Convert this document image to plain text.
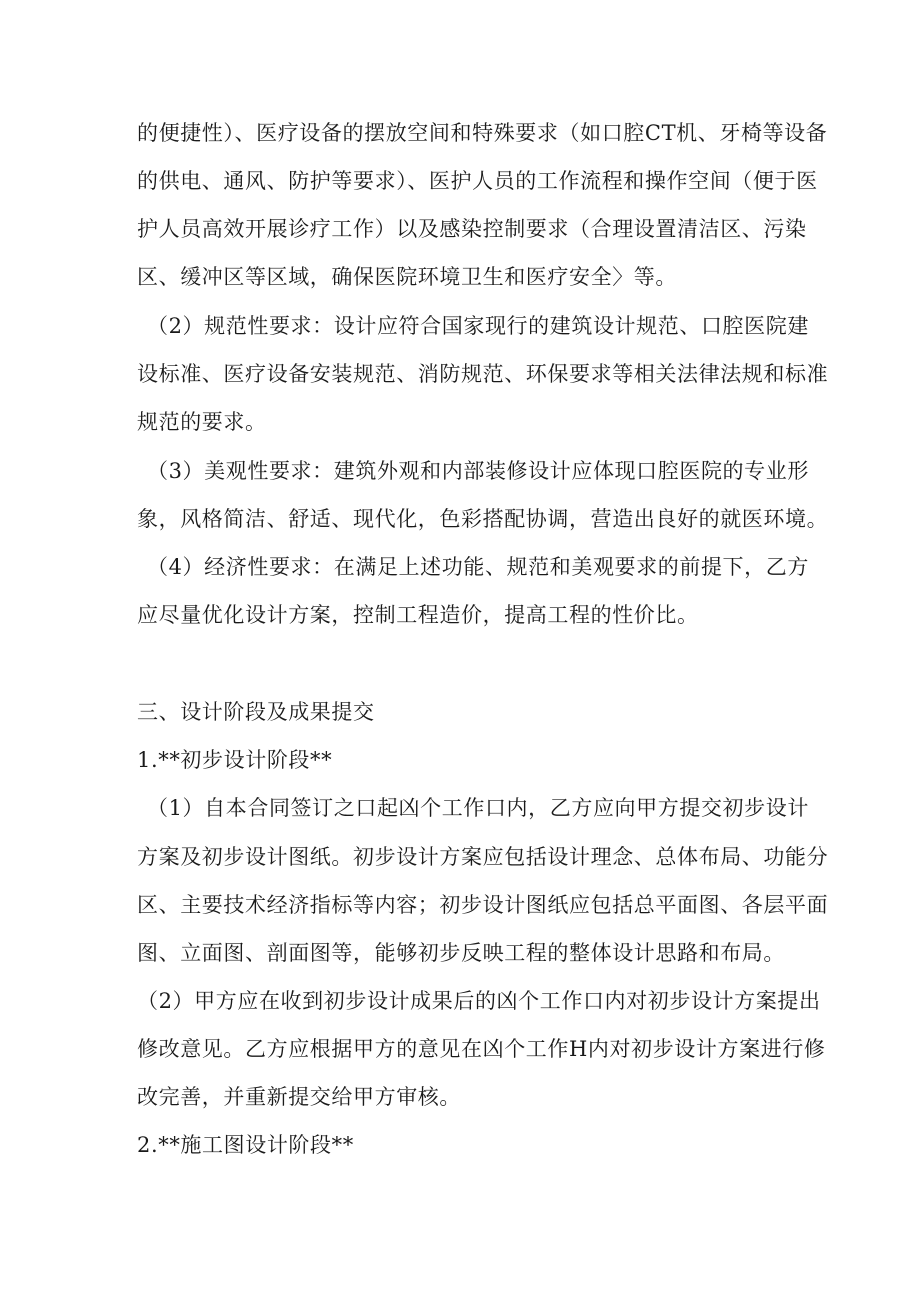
的便捷性）、医疗设备的摆放空间和特殊要求（如口腔CT机、牙椅等设备
的供电、通风、防护等要求）、医护人员的工作流程和操作空间（便于医
护人员高效开展诊疗工作）以及感染控制要求（合理设置清洁区、污染
区、缓冲区等区域，确保医院环境卫生和医疗安全〉等。
（2）规范性要求：设计应符合国家现行的建筑设计规范、口腔医院建
设标准、医疗设备安装规范、消防规范、环保要求等相关法律法规和标准
规范的要求。
（3）美观性要求：建筑外观和内部装修设计应体现口腔医院的专业形
象，风格简洁、舒适、现代化，色彩搭配协调，营造出良好的就医环境。
（4）经济性要求：在满足上述功能、规范和美观要求的前提下，乙方
应尽量优化设计方案，控制工程造价，提高工程的性价比。
三、设计阶段及成果提交
1.**初步设计阶段**
（1）自本合同签订之口起凶个工作口内，乙方应向甲方提交初步设计
方案及初步设计图纸。初步设计方案应包括设计理念、总体布局、功能分
区、主要技术经济指标等内容；初步设计图纸应包括总平面图、各层平面
图、立面图、剖面图等，能够初步反映工程的整体设计思路和布局。
（2）甲方应在收到初步设计成果后的凶个工作口内对初步设计方案提出
修改意见。乙方应根据甲方的意见在凶个工作H内对初步设计方案进行修
改完善，并重新提交给甲方审核。
2.**施工图设计阶段**
